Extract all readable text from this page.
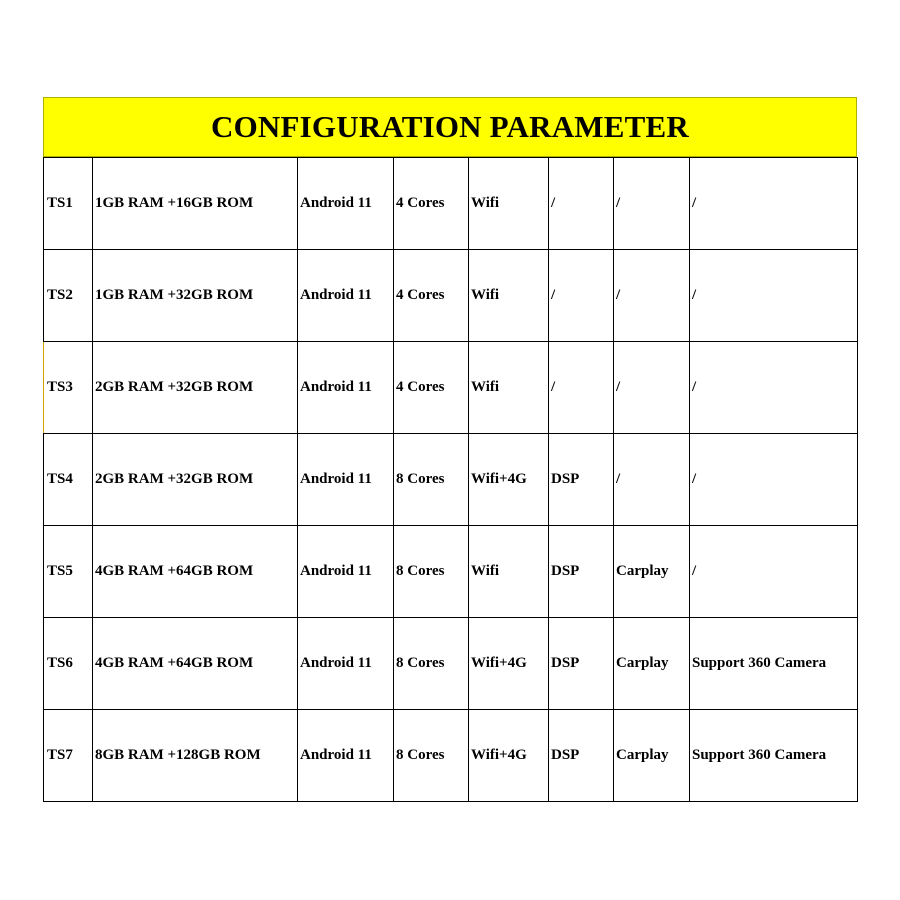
CONFIGURATION PARAMETER
TS1	1GB RAM +16GB ROM	Android 11	4 Cores	Wifi	/	/	/
TS2	1GB RAM +32GB ROM	Android 11	4 Cores	Wifi	/	/	/
TS3	2GB RAM +32GB ROM	Android 11	4 Cores	Wifi	/	/	/
TS4	2GB RAM +32GB ROM	Android 11	8 Cores	Wifi+4G	DSP	/	/
TS5	4GB RAM +64GB ROM	Android 11	8 Cores	Wifi	DSP	Carplay	/
TS6	4GB RAM +64GB ROM	Android 11	8 Cores	Wifi+4G	DSP	Carplay	Support 360 Camera
TS7	8GB RAM +128GB ROM	Android 11	8 Cores	Wifi+4G	DSP	Carplay	Support 360 Camera
